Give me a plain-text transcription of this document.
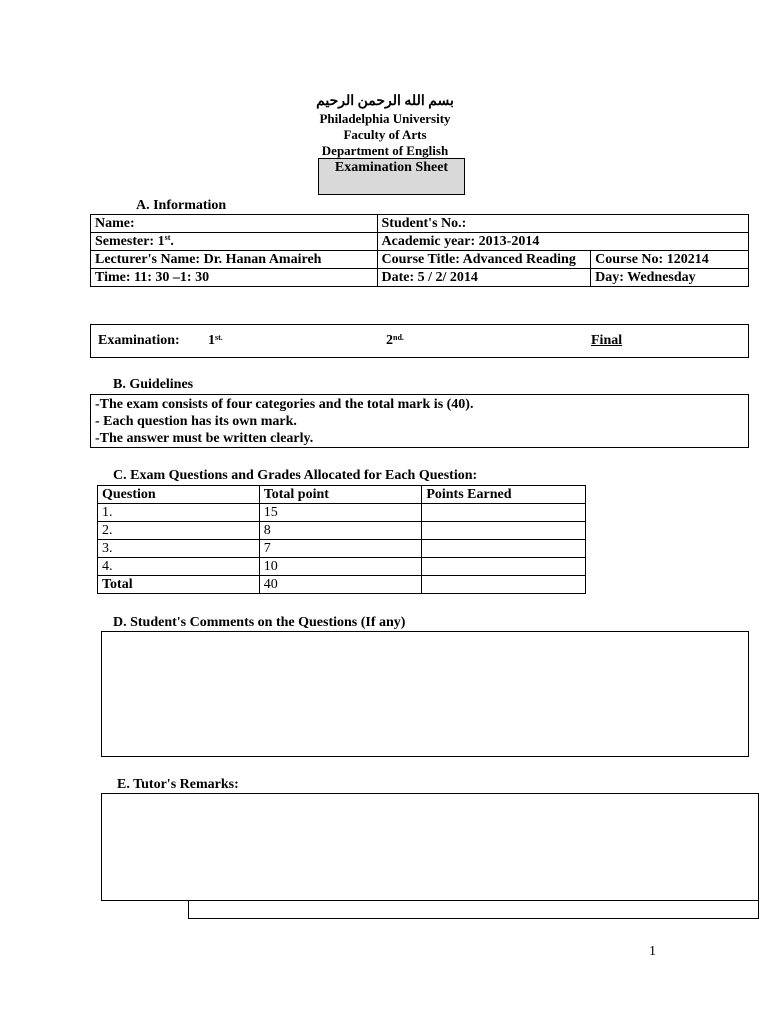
بسم الله الرحمن الرحيم
Philadelphia University
Faculty of Arts
Department of English
Examination Sheet
A. Information
Name:	Student's No.:	
Semester: 1st.	Academic year: 2013-2014	
Lecturer's Name: Dr. Hanan Amaireh	Course Title: Advanced Reading	Course No: 120214
Time: 11: 30 –1: 30	Date: 5 / 2/ 2014	Day: Wednesday
Examination: $1^{st.}$	$2^{nd.}$	Final
B. Guidelines
-The exam consists of four categories and the total mark is (40).
- Each question has its own mark.
-The answer must be written clearly.
C. Exam Questions and Grades Allocated for Each Question:
Question	Total point	Points Earned
1.	15	
2.	8	
3.	7	
4.	10	
Total	40	
D. Student's Comments on the Questions (If any)
E. Tutor's Remarks:
1
